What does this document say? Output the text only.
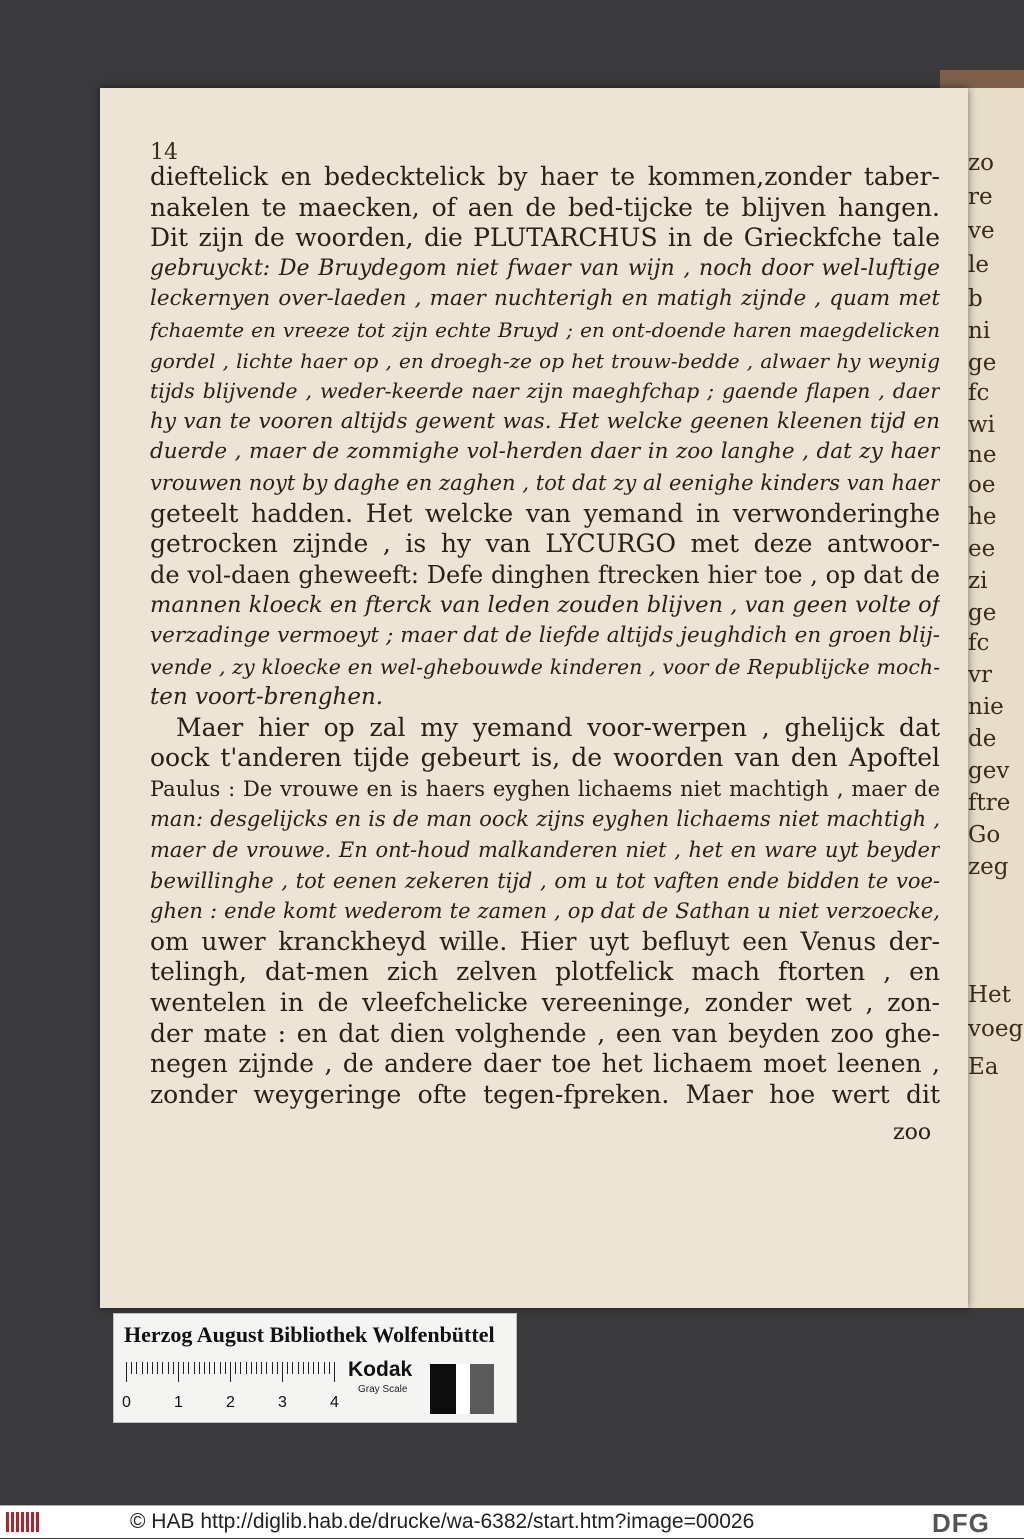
zo
re
ve
le
b
ni
ge
fc
wi
ne
oe
he
ee
zi
ge
fc
vr
nie
de
gev
ftre
Go
zeg
Het
voeg
Ea
14
dieftelick en bedecktelick by haer te kommen,zonder taber-
nakelen te maecken, of aen de bed-tijcke te blijven hangen.
Dit zijn de woorden, die PLUTARCHUS in de Grieckfche tale
gebruyckt: De Bruydegom niet fwaer van wijn , noch door wel-luftige
leckernyen over-laeden , maer nuchterigh en matigh zijnde , quam met
fchaemte en vreeze tot zijn echte Bruyd ; en ont-doende haren maegdelicken
gordel , lichte haer op , en droegh-ze op het trouw-bedde , alwaer hy weynig
tijds blijvende , weder-keerde naer zijn maeghfchap ; gaende flapen , daer
hy van te vooren altijds gewent was. Het welcke geenen kleenen tijd en
duerde , maer de zommighe vol-herden daer in zoo langhe , dat zy haer
vrouwen noyt by daghe en zaghen , tot dat zy al eenighe kinders van haer
geteelt hadden. Het welcke van yemand in verwonderinghe
getrocken zijnde , is hy van LYCURGO met deze antwoor-
de vol-daen gheweeft: Defe dinghen ftrecken hier toe , op dat de
mannen kloeck en fterck van leden zouden blijven , van geen volte of
verzadinge vermoeyt ; maer dat de liefde altijds jeughdich en groen blij-
vende , zy kloecke en wel-ghebouwde kinderen , voor de Republijcke moch-
ten voort-brenghen.
Maer hier op zal my yemand voor-werpen , ghelijck dat
oock t'anderen tijde gebeurt is, de woorden van den Apoftel
Paulus : De vrouwe en is haers eyghen lichaems niet machtigh , maer de
man: desgelijcks en is de man oock zijns eyghen lichaems niet machtigh ,
maer de vrouwe. En ont-houd malkanderen niet , het en ware uyt beyder
bewillinghe , tot eenen zekeren tijd , om u tot vaften ende bidden te voe-
ghen : ende komt wederom te zamen , op dat de Sathan u niet verzoecke,
om uwer kranckheyd wille. Hier uyt befluyt een Venus der-
telingh, dat-men zich zelven plotfelick mach ftorten , en
wentelen in de vleefchelicke vereeninge, zonder wet , zon-
der mate : en dat dien volghende , een van beyden zoo ghe-
negen zijnde , de andere daer toe het lichaem moet leenen ,
zonder weygeringe ofte tegen-fpreken. Maer hoe wert dit
zoo
Herzog August Bibliothek Wolfenbüttel
0	1	2	3	4
Kodak
Gray Scale
© HAB http://diglib.hab.de/drucke/wa-6382/start.htm?image=00026	DFG
